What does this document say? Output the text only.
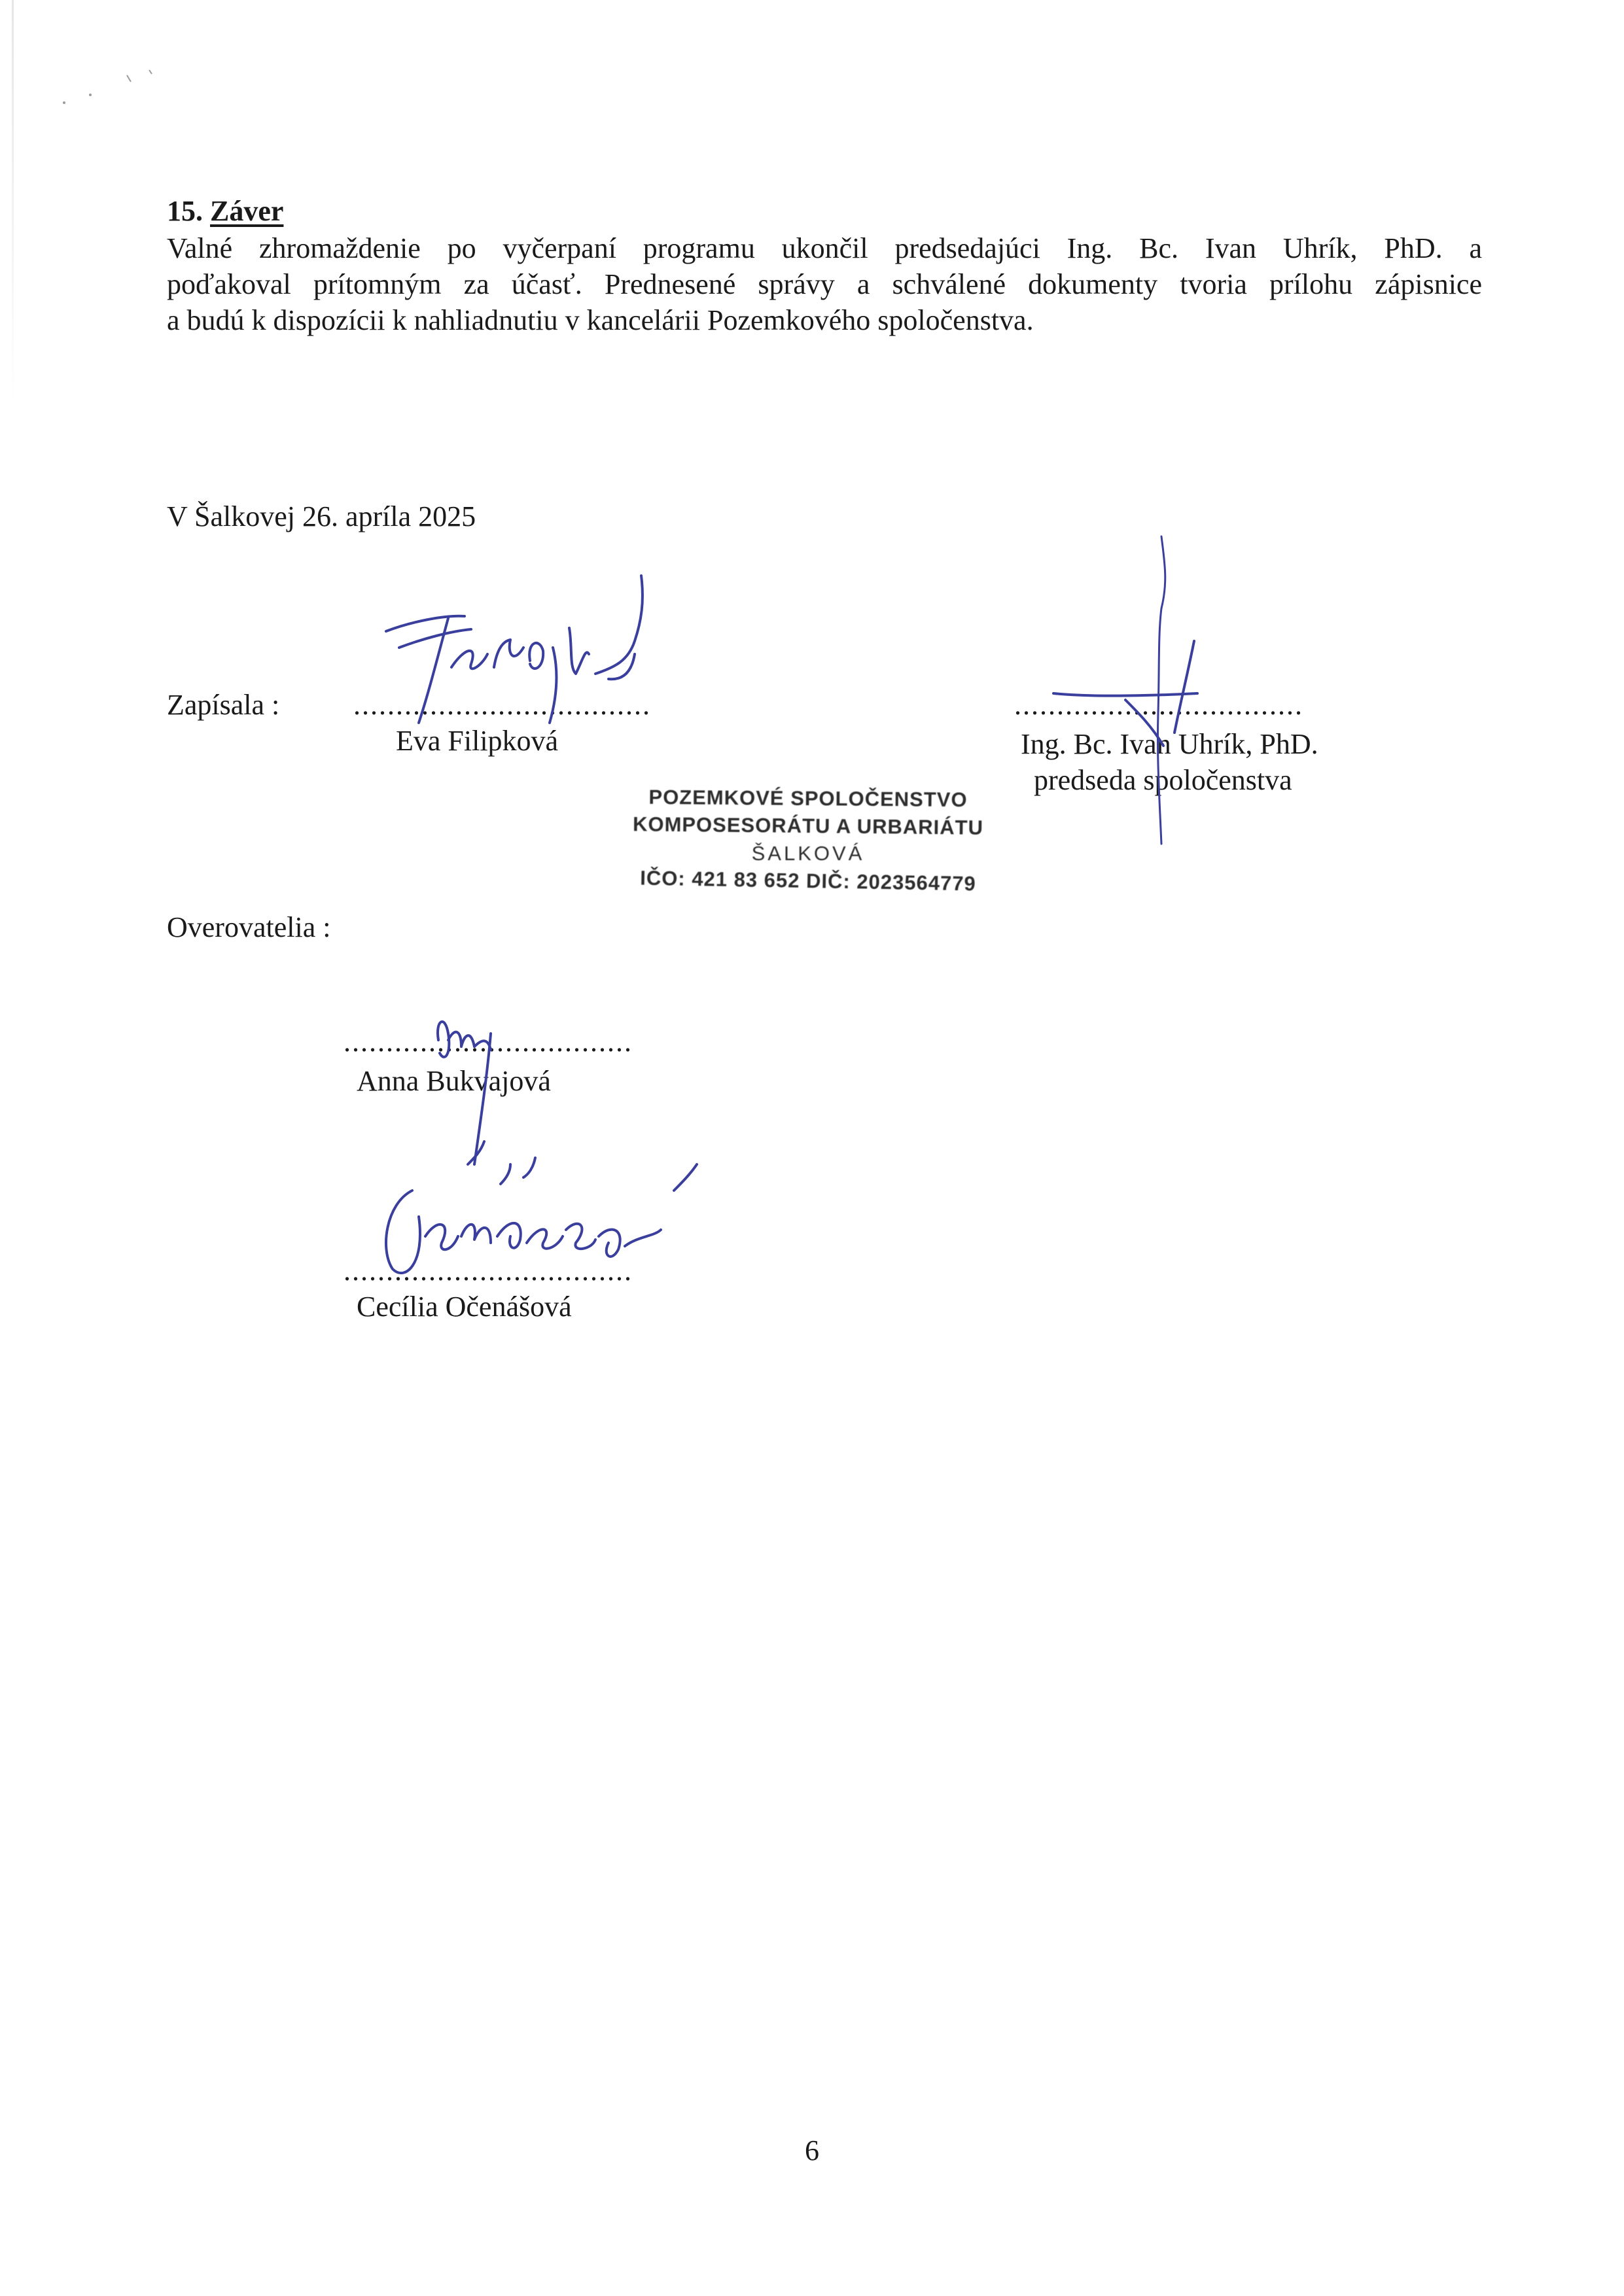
15. Záver
Valné zhromaždenie po vyčerpaní programu ukončil predsedajúci Ing. Bc. Ivan Uhrík, PhD. a
poďakoval prítomným za účasť. Prednesené správy a schválené dokumenty tvoria prílohu zápisnice
a budú k dispozícii k nahliadnutiu v kancelárii Pozemkového spoločenstva.
V Šalkovej 26. apríla 2025
Zapísala :	...................................
Eva Filipková
..................................
Ing. Bc. Ivan Uhrík, PhD.
predseda spoločenstva
POZEMKOVÉ SPOLOČENSTVO
KOMPOSESORÁTU A URBARIÁTU
ŠALKOVÁ
IČO: 421 83 652 DIČ: 2023564779
Overovatelia :
..................................
Anna Bukvajová
..................................
Cecília Očenášová
6
